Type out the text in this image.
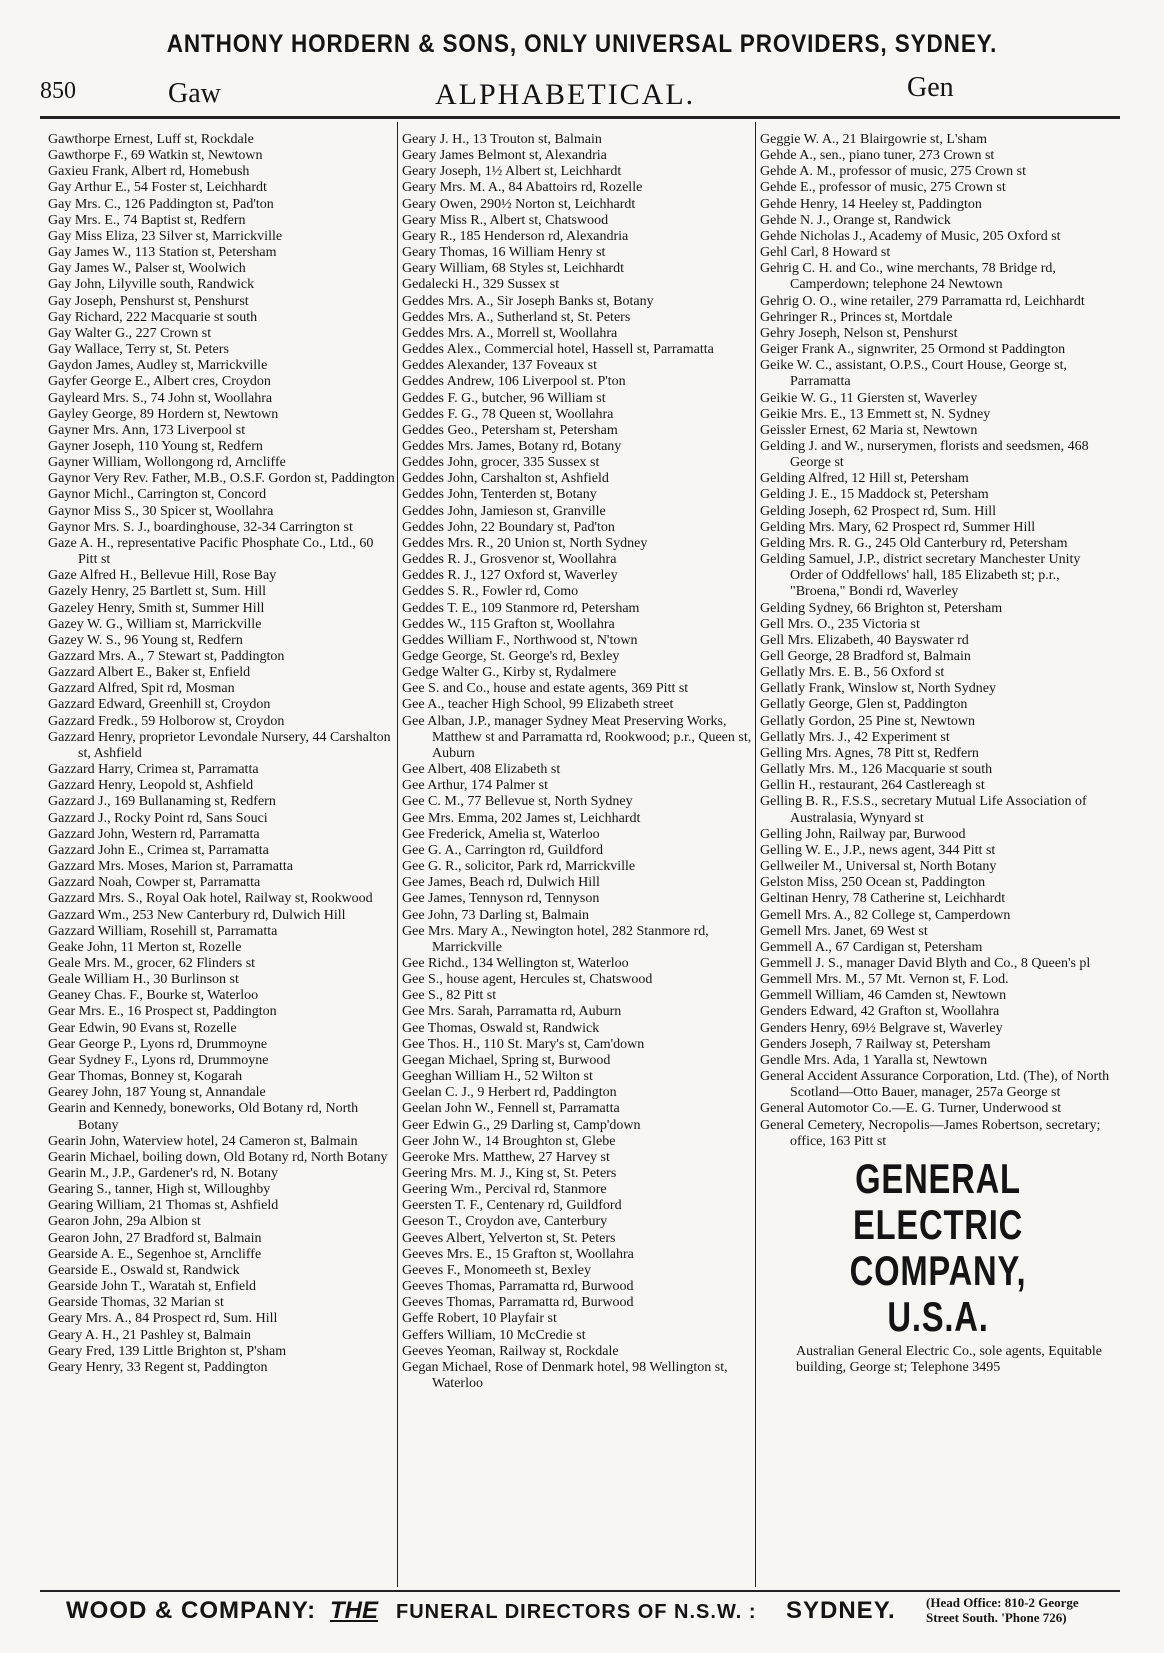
ANTHONY HORDERN & SONS, ONLY UNIVERSAL PROVIDERS, SYDNEY.
850	Gaw	ALPHABETICAL.	Gen
Gawthorpe Ernest, Luff st, Rockdale
Gawthorpe F., 69 Watkin st, Newtown
Gaxieu Frank, Albert rd, Homebush
Gay Arthur E., 54 Foster st, Leichhardt
Gay Mrs. C., 126 Paddington st, Pad'ton
Gay Mrs. E., 74 Baptist st, Redfern
Gay Miss Eliza, 23 Silver st, Marrickville
Gay James W., 113 Station st, Petersham
Gay James W., Palser st, Woolwich
Gay John, Lilyville south, Randwick
Gay Joseph, Penshurst st, Penshurst
Gay Richard, 222 Macquarie st south
Gay Walter G., 227 Crown st
Gay Wallace, Terry st, St. Peters
Gaydon James, Audley st, Marrickville
Gayfer George E., Albert cres, Croydon
Gayleard Mrs. S., 74 John st, Woollahra
Gayley George, 89 Hordern st, Newtown
Gayner Mrs. Ann, 173 Liverpool st
Gayner Joseph, 110 Young st, Redfern
Gayner William, Wollongong rd, Arncliffe
Gaynor Very Rev. Father, M.B., O.S.F. Gordon st, Paddington
Gaynor Michl., Carrington st, Concord
Gaynor Miss S., 30 Spicer st, Woollahra
Gaynor Mrs. S. J., boardinghouse, 32-34 Carrington st
Gaze A. H., representative Pacific Phosphate Co., Ltd., 60 Pitt st
Gaze Alfred H., Bellevue Hill, Rose Bay
Gazely Henry, 25 Bartlett st, Sum. Hill
Gazeley Henry, Smith st, Summer Hill
Gazey W. G., William st, Marrickville
Gazey W. S., 96 Young st, Redfern
Gazzard Mrs. A., 7 Stewart st, Paddington
Gazzard Albert E., Baker st, Enfield
Gazzard Alfred, Spit rd, Mosman
Gazzard Edward, Greenhill st, Croydon
Gazzard Fredk., 59 Holborow st, Croydon
Gazzard Henry, proprietor Levondale Nursery, 44 Carshalton st, Ashfield
Gazzard Harry, Crimea st, Parramatta
Gazzard Henry, Leopold st, Ashfield
Gazzard J., 169 Bullanaming st, Redfern
Gazzard J., Rocky Point rd, Sans Souci
Gazzard John, Western rd, Parramatta
Gazzard John E., Crimea st, Parramatta
Gazzard Mrs. Moses, Marion st, Parramatta
Gazzard Noah, Cowper st, Parramatta
Gazzard Mrs. S., Royal Oak hotel, Railway st, Rookwood
Gazzard Wm., 253 New Canterbury rd, Dulwich Hill
Gazzard William, Rosehill st, Parramatta
Geake John, 11 Merton st, Rozelle
Geale Mrs. M., grocer, 62 Flinders st
Geale William H., 30 Burlinson st
Geaney Chas. F., Bourke st, Waterloo
Gear Mrs. E., 16 Prospect st, Paddington
Gear Edwin, 90 Evans st, Rozelle
Gear George P., Lyons rd, Drummoyne
Gear Sydney F., Lyons rd, Drummoyne
Gear Thomas, Bonney st, Kogarah
Gearey John, 187 Young st, Annandale
Gearin and Kennedy, boneworks, Old Botany rd, North Botany
Gearin John, Waterview hotel, 24 Cameron st, Balmain
Gearin Michael, boiling down, Old Botany rd, North Botany
Gearin M., J.P., Gardener's rd, N. Botany
Gearing S., tanner, High st, Willoughby
Gearing William, 21 Thomas st, Ashfield
Gearon John, 29a Albion st
Gearon John, 27 Bradford st, Balmain
Gearside A. E., Segenhoe st, Arncliffe
Gearside E., Oswald st, Randwick
Gearside John T., Waratah st, Enfield
Gearside Thomas, 32 Marian st
Geary Mrs. A., 84 Prospect rd, Sum. Hill
Geary A. H., 21 Pashley st, Balmain
Geary Fred, 139 Little Brighton st, P'sham
Geary Henry, 33 Regent st, Paddington
Geary J. H., 13 Trouton st, Balmain
Geary James Belmont st, Alexandria
Geary Joseph, 1½ Albert st, Leichhardt
Geary Mrs. M. A., 84 Abattoirs rd, Rozelle
Geary Owen, 290½ Norton st, Leichhardt
Geary Miss R., Albert st, Chatswood
Geary R., 185 Henderson rd, Alexandria
Geary Thomas, 16 William Henry st
Geary William, 68 Styles st, Leichhardt
Gedalecki H., 329 Sussex st
Geddes Mrs. A., Sir Joseph Banks st, Botany
Geddes Mrs. A., Sutherland st, St. Peters
Geddes Mrs. A., Morrell st, Woollahra
Geddes Alex., Commercial hotel, Hassell st, Parramatta
Geddes Alexander, 137 Foveaux st
Geddes Andrew, 106 Liverpool st. P'ton
Geddes F. G., butcher, 96 William st
Geddes F. G., 78 Queen st, Woollahra
Geddes Geo., Petersham st, Petersham
Geddes Mrs. James, Botany rd, Botany
Geddes John, grocer, 335 Sussex st
Geddes John, Carshalton st, Ashfield
Geddes John, Tenterden st, Botany
Geddes John, Jamieson st, Granville
Geddes John, 22 Boundary st, Pad'ton
Geddes Mrs. R., 20 Union st, North Sydney
Geddes R. J., Grosvenor st, Woollahra
Geddes R. J., 127 Oxford st, Waverley
Geddes S. R., Fowler rd, Como
Geddes T. E., 109 Stanmore rd, Petersham
Geddes W., 115 Grafton st, Woollahra
Geddes William F., Northwood st, N'town
Gedge George, St. George's rd, Bexley
Gedge Walter G., Kirby st, Rydalmere
Gee S. and Co., house and estate agents, 369 Pitt st
Gee A., teacher High School, 99 Elizabeth street
Gee Alban, J.P., manager Sydney Meat Preserving Works, Matthew st and Parramatta rd, Rookwood; p.r., Queen st, Auburn
Gee Albert, 408 Elizabeth st
Gee Arthur, 174 Palmer st
Gee C. M., 77 Bellevue st, North Sydney
Gee Mrs. Emma, 202 James st, Leichhardt
Gee Frederick, Amelia st, Waterloo
Gee G. A., Carrington rd, Guildford
Gee G. R., solicitor, Park rd, Marrickville
Gee James, Beach rd, Dulwich Hill
Gee James, Tennyson rd, Tennyson
Gee John, 73 Darling st, Balmain
Gee Mrs. Mary A., Newington hotel, 282 Stanmore rd, Marrickville
Gee Richd., 134 Wellington st, Waterloo
Gee S., house agent, Hercules st, Chatswood
Gee S., 82 Pitt st
Gee Mrs. Sarah, Parramatta rd, Auburn
Gee Thomas, Oswald st, Randwick
Gee Thos. H., 110 St. Mary's st, Cam'down
Geegan Michael, Spring st, Burwood
Geeghan William H., 52 Wilton st
Geelan C. J., 9 Herbert rd, Paddington
Geelan John W., Fennell st, Parramatta
Geer Edwin G., 29 Darling st, Camp'down
Geer John W., 14 Broughton st, Glebe
Geeroke Mrs. Matthew, 27 Harvey st
Geering Mrs. M. J., King st, St. Peters
Geering Wm., Percival rd, Stanmore
Geersten T. F., Centenary rd, Guildford
Geeson T., Croydon ave, Canterbury
Geeves Albert, Yelverton st, St. Peters
Geeves Mrs. E., 15 Grafton st, Woollahra
Geeves F., Monomeeth st, Bexley
Geeves Thomas, Parramatta rd, Burwood
Geeves Thomas, Parramatta rd, Burwood
Geffe Robert, 10 Playfair st
Geffers William, 10 McCredie st
Geeves Yeoman, Railway st, Rockdale
Gegan Michael, Rose of Denmark hotel, 98 Wellington st, Waterloo
Geggie W. A., 21 Blairgowrie st, L'sham
Gehde A., sen., piano tuner, 273 Crown st
Gehde A. M., professor of music, 275 Crown st
Gehde E., professor of music, 275 Crown st
Gehde Henry, 14 Heeley st, Paddington
Gehde N. J., Orange st, Randwick
Gehde Nicholas J., Academy of Music, 205 Oxford st
Gehl Carl, 8 Howard st
Gehrig C. H. and Co., wine merchants, 78 Bridge rd, Camperdown; telephone 24 Newtown
Gehrig O. O., wine retailer, 279 Parramatta rd, Leichhardt
Gehringer R., Princes st, Mortdale
Gehry Joseph, Nelson st, Penshurst
Geiger Frank A., signwriter, 25 Ormond st Paddington
Geike W. C., assistant, O.P.S., Court House, George st, Parramatta
Geikie W. G., 11 Giersten st, Waverley
Geikie Mrs. E., 13 Emmett st, N. Sydney
Geissler Ernest, 62 Maria st, Newtown
Gelding J. and W., nurserymen, florists and seedsmen, 468 George st
Gelding Alfred, 12 Hill st, Petersham
Gelding J. E., 15 Maddock st, Petersham
Gelding Joseph, 62 Prospect rd, Sum. Hill
Gelding Mrs. Mary, 62 Prospect rd, Summer Hill
Gelding Mrs. R. G., 245 Old Canterbury rd, Petersham
Gelding Samuel, J.P., district secretary Manchester Unity Order of Oddfellows' hall, 185 Elizabeth st; p.r., "Broena," Bondi rd, Waverley
Gelding Sydney, 66 Brighton st, Petersham
Gell Mrs. O., 235 Victoria st
Gell Mrs. Elizabeth, 40 Bayswater rd
Gell George, 28 Bradford st, Balmain
Gellatly Mrs. E. B., 56 Oxford st
Gellatly Frank, Winslow st, North Sydney
Gellatly George, Glen st, Paddington
Gellatly Gordon, 25 Pine st, Newtown
Gellatly Mrs. J., 42 Experiment st
Gelling Mrs. Agnes, 78 Pitt st, Redfern
Gellatly Mrs. M., 126 Macquarie st south
Gellin H., restaurant, 264 Castlereagh st
Gelling B. R., F.S.S., secretary Mutual Life Association of Australasia, Wynyard st
Gelling John, Railway par, Burwood
Gelling W. E., J.P., news agent, 344 Pitt st
Gellweiler M., Universal st, North Botany
Gelston Miss, 250 Ocean st, Paddington
Geltinan Henry, 78 Catherine st, Leichhardt
Gemell Mrs. A., 82 College st, Camperdown
Gemell Mrs. Janet, 69 West st
Gemmell A., 67 Cardigan st, Petersham
Gemmell J. S., manager David Blyth and Co., 8 Queen's pl
Gemmell Mrs. M., 57 Mt. Vernon st, F. Lod.
Gemmell William, 46 Camden st, Newtown
Genders Edward, 42 Grafton st, Woollahra
Genders Henry, 69½ Belgrave st, Waverley
Genders Joseph, 7 Railway st, Petersham
Gendle Mrs. Ada, 1 Yaralla st, Newtown
General Accident Assurance Corporation, Ltd. (The), of North Scotland—Otto Bauer, manager, 257a George st
General Automotor Co.—E. G. Turner, Underwood st
General Cemetery, Necropolis—James Robertson, secretary; office, 163 Pitt st
GENERAL ELECTRIC COMPANY, U.S.A.
Australian General Electric Co., sole agents, Equitable building, George st; Telephone 3495
WOOD & COMPANY: THE FUNERAL DIRECTORS OF N.S.W. : SYDNEY. (Head Office: 810-2 George
Street South. 'Phone 726)
